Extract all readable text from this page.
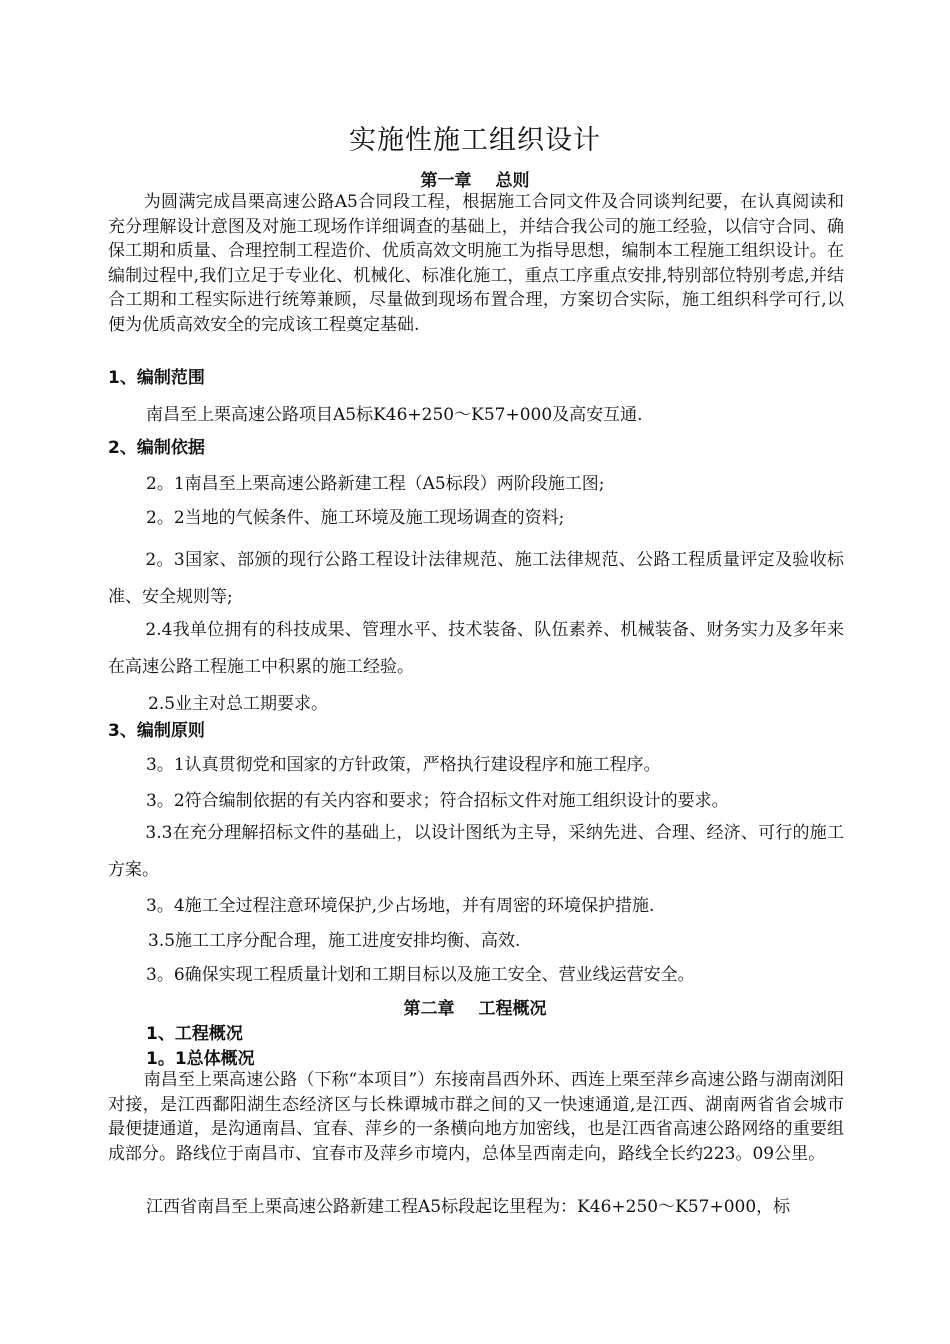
实施性施工组织设计
第一章 总则

为圆满完成昌栗高速公路A5合同段工程，根据施工合同文件及合同谈判纪要，在认真阅读和充分理解设计意图及对施工现场作详细调查的基础上，并结合我公司的施工经验，以信守合同、确保工期和质量、合理控制工程造价、优质高效文明施工为指导思想，编制本工程施工组织设计。在编制过程中,我们立足于专业化、机械化、标准化施工，重点工序重点安排,特别部位特别考虑,并结合工期和工程实际进行统筹兼顾，尽量做到现场布置合理，方案切合实际，施工组织科学可行,以便为优质高效安全的完成该工程奠定基础.

1、编制范围

南昌至上栗高速公路项目A5标K46+250～K57+000及高安互通.

2、编制依据

2。1南昌至上栗高速公路新建工程（A5标段）两阶段施工图;

2。2当地的气候条件、施工环境及施工现场调查的资料;

2。3国家、部颁的现行公路工程设计法律规范、施工法律规范、公路工程质量评定及验收标准、安全规则等;

2.4我单位拥有的科技成果、管理水平、技术装备、队伍素养、机械装备、财务实力及多年来在高速公路工程施工中积累的施工经验。

2.5业主对总工期要求。

3、编制原则

3。1认真贯彻党和国家的方针政策，严格执行建设程序和施工程序。

3。2符合编制依据的有关内容和要求；符合招标文件对施工组织设计的要求。

3.3在充分理解招标文件的基础上，以设计图纸为主导，采纳先进、合理、经济、可行的施工方案。

3。4施工全过程注意环境保护,少占场地，并有周密的环境保护措施.

3.5施工工序分配合理，施工进度安排均衡、高效.

3。6确保实现工程质量计划和工期目标以及施工安全、营业线运营安全。

第二章 工程概况
1、工程概况
1。1总体概况

南昌至上栗高速公路（下称“本项目”）东接南昌西外环、西连上栗至萍乡高速公路与湖南浏阳对接，是江西鄱阳湖生态经济区与长株谭城市群之间的又一快速通道,是江西、湖南两省省会城市最便捷通道，是沟通南昌、宜春、萍乡的一条横向地方加密线，也是江西省高速公路网络的重要组成部分。路线位于南昌市、宜春市及萍乡市境内，总体呈西南走向，路线全长约223。09公里。

江西省南昌至上栗高速公路新建工程A5标段起讫里程为：K46+250～K57+000，标
